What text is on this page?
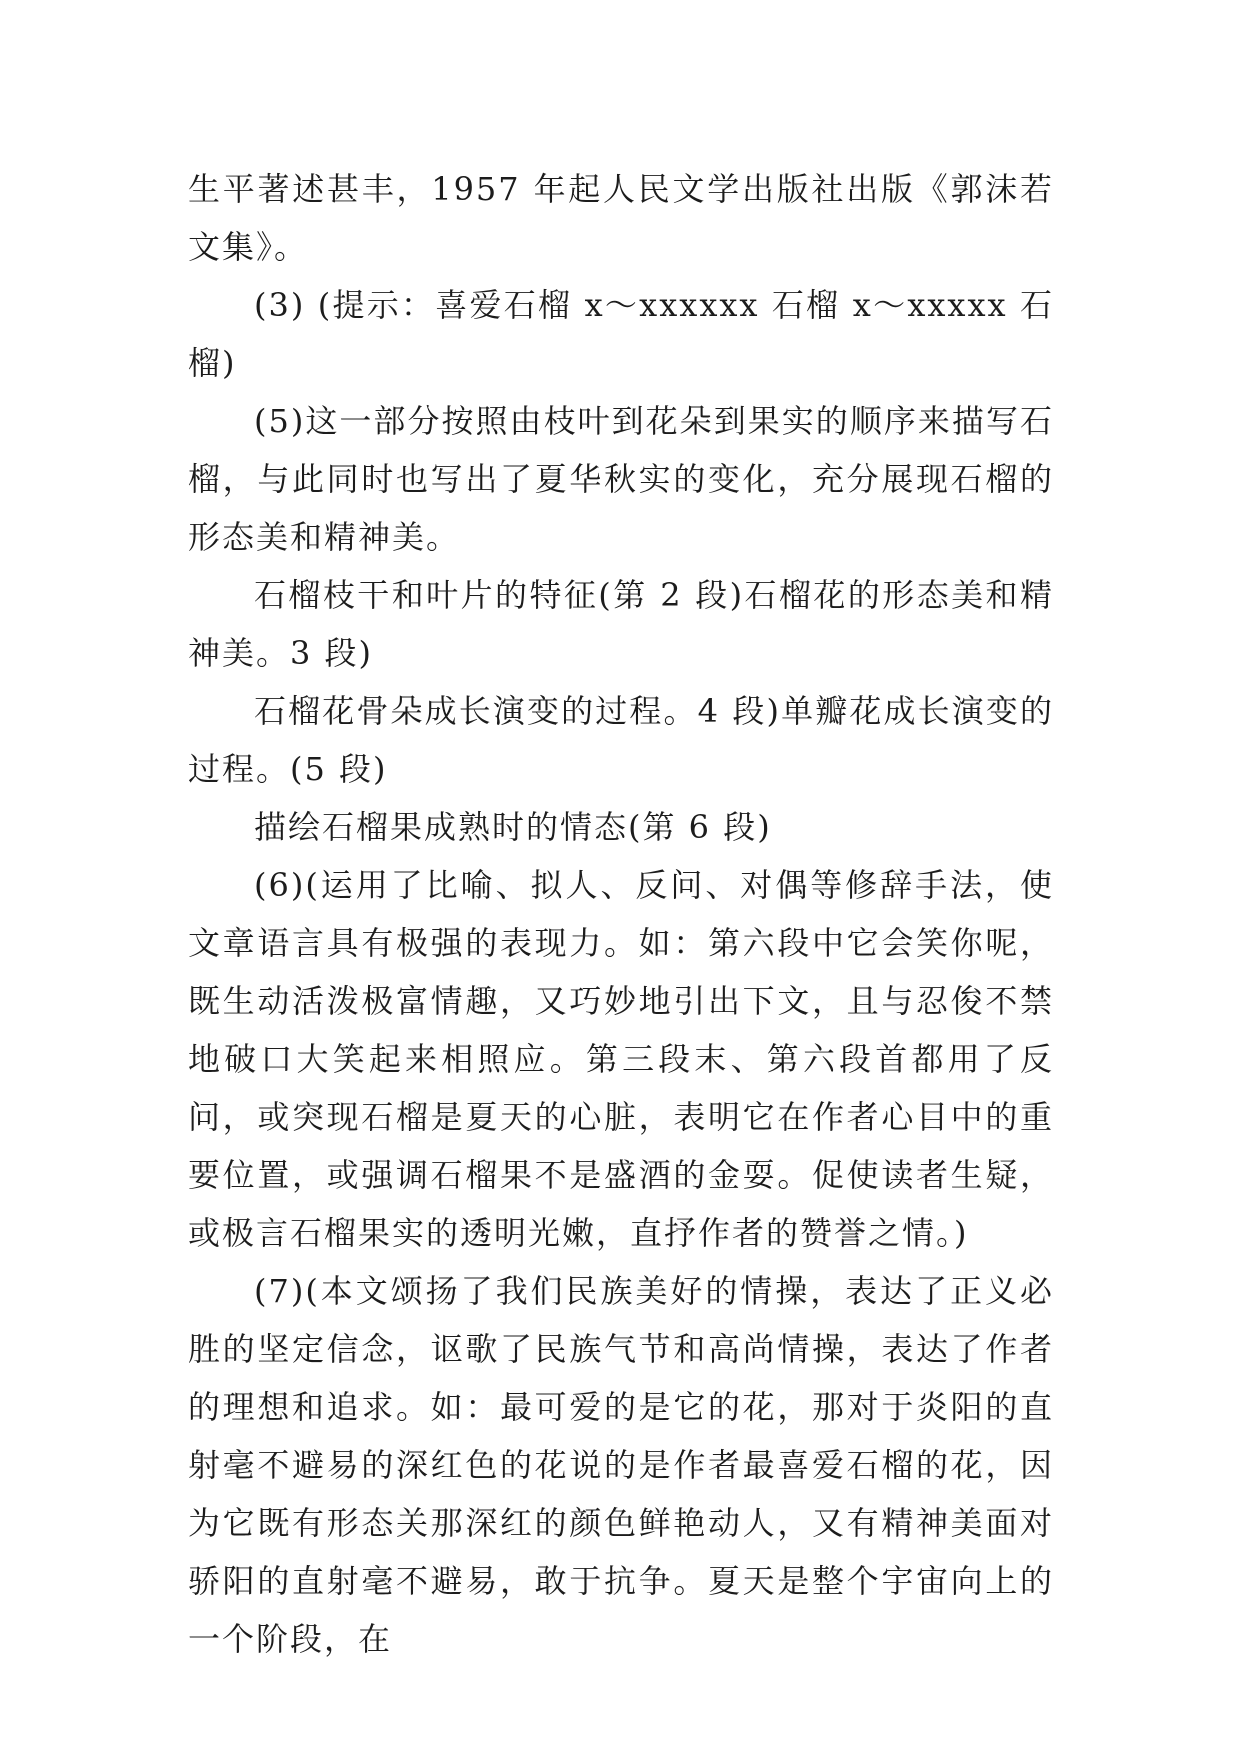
生平著述甚丰，1957 年起人民文学出版社出版《郭沫若文集》。

(3) (提示：喜爱石榴 x～xxxxxx 石榴 x～xxxxx 石榴)

(5)这一部分按照由枝叶到花朵到果实的顺序来描写石榴，与此同时也写出了夏华秋实的变化，充分展现石榴的形态美和精神美。

石榴枝干和叶片的特征(第 2 段)石榴花的形态美和精神美。3 段)

石榴花骨朵成长演变的过程。4 段)单瓣花成长演变的过程。(5 段)

描绘石榴果成熟时的情态(第 6 段)

(6)(运用了比喻、拟人、反问、对偶等修辞手法，使文章语言具有极强的表现力。如：第六段中它会笑你呢，既生动活泼极富情趣，又巧妙地引出下文，且与忍俊不禁地破口大笑起来相照应。第三段末、第六段首都用了反问，或突现石榴是夏天的心脏，表明它在作者心目中的重要位置，或强调石榴果不是盛酒的金耍。促使读者生疑，或极言石榴果实的透明光嫩，直抒作者的赞誉之情。)

(7)(本文颂扬了我们民族美好的情操，表达了正义必胜的坚定信念，讴歌了民族气节和高尚情操，表达了作者的理想和追求。如：最可爱的是它的花，那对于炎阳的直射毫不避易的深红色的花说的是作者最喜爱石榴的花，因为它既有形态关那深红的颜色鲜艳动人，又有精神美面对骄阳的直射毫不避易，敢于抗争。夏天是整个宇宙向上的一个阶段，在
